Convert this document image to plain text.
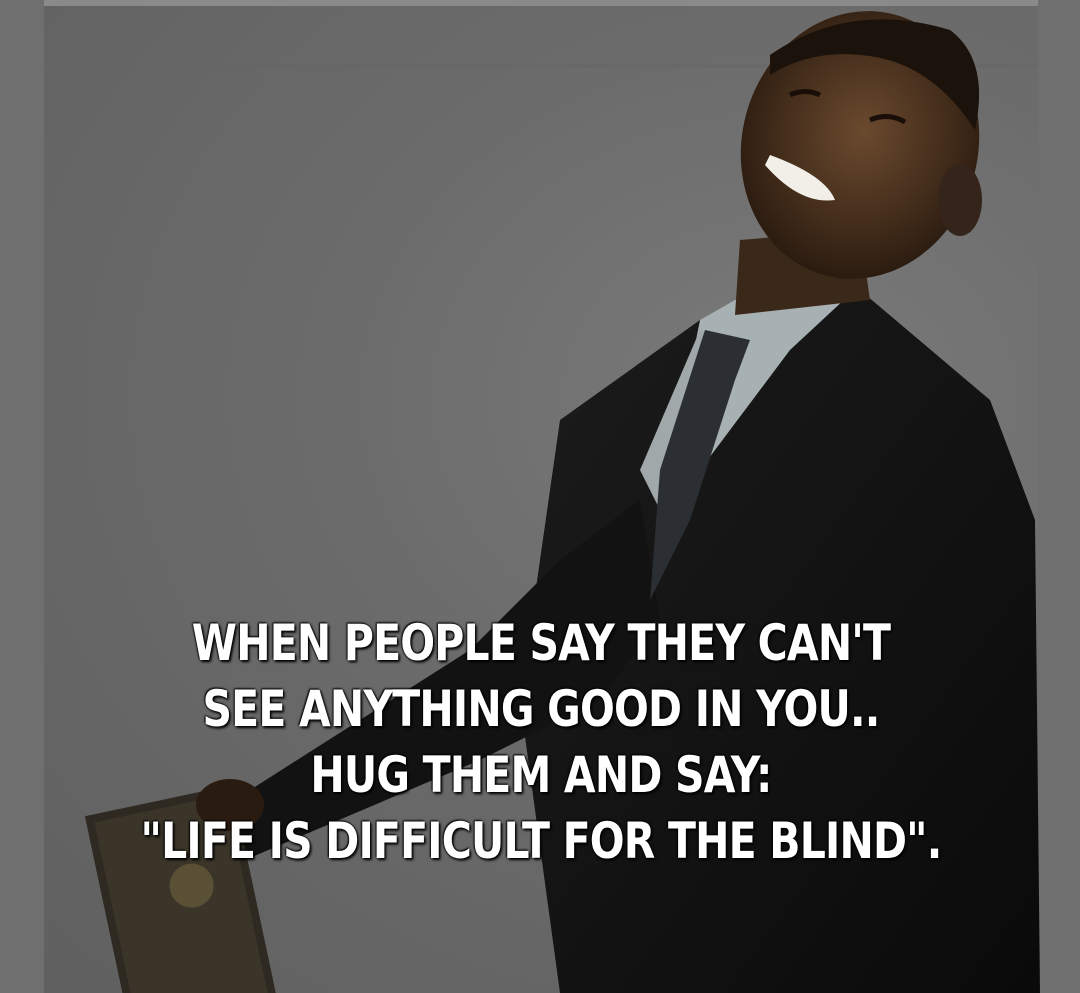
WHEN PEOPLE SAY THEY CAN'T
SEE ANYTHING GOOD IN YOU..
HUG THEM AND SAY:
"LIFE IS DIFFICULT FOR THE BLIND".
